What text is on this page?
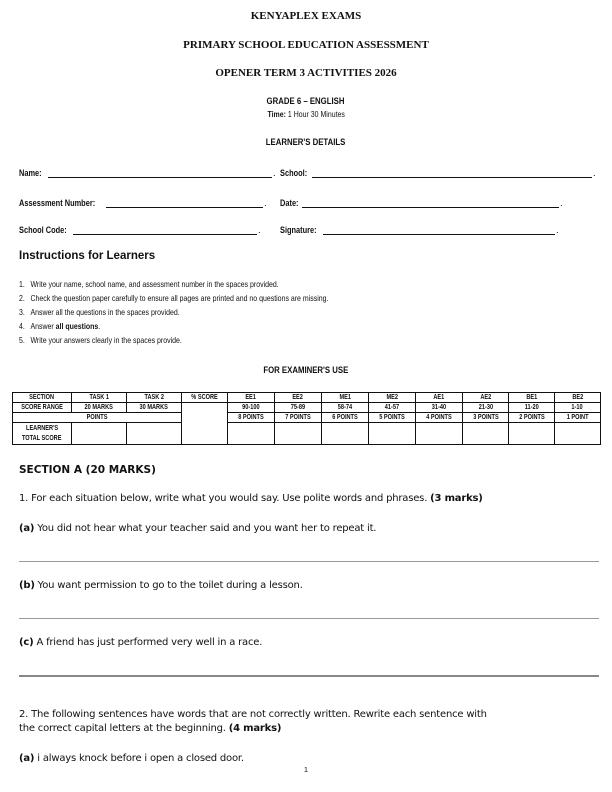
KENYAPLEX EXAMS
PRIMARY SCHOOL EDUCATION ASSESSMENT
OPENER TERM 3 ACTIVITIES 2026
GRADE 6 – ENGLISH
Time: 1 Hour 30 Minutes
LEARNER'S DETAILS
Name:	. School:	.
Assessment Number:	. Date:	.
School Code:	. Signature:	.
Instructions for Learners
1. Write your name, school name, and assessment number in the spaces provided.
2. Check the question paper carefully to ensure all pages are printed and no questions are missing.
3. Answer all the questions in the spaces provided.
4. Answer all questions.
5. Write your answers clearly in the spaces provide.
FOR EXAMINER'S USE
SECTION	TASK 1	TASK 2	% SCORE	EE1	EE2	ME1	ME2	AE1	AE2	BE1	BE2
SCORE RANGE	20 MARKS	30 MARKS		90-100	75-89	58-74	41-57	31-40	21-30	11-20	1-10
POINTS				8 POINTS	7 POINTS	6 POINTS	5 POINTS	4 POINTS	3 POINTS	2 POINTS	1 POINT
LEARNER'S
TOTAL SCORE											
SECTION A (20 MARKS)
1. For each situation below, write what you would say. Use polite words and phrases. (3 marks)
(a) You did not hear what your teacher said and you want her to repeat it.
(b) You want permission to go to the toilet during a lesson.
(c) A friend has just performed very well in a race.
2. The following sentences have words that are not correctly written. Rewrite each sentence with
the correct capital letters at the beginning. (4 marks)
(a) i always knock before i open a closed door.
1
